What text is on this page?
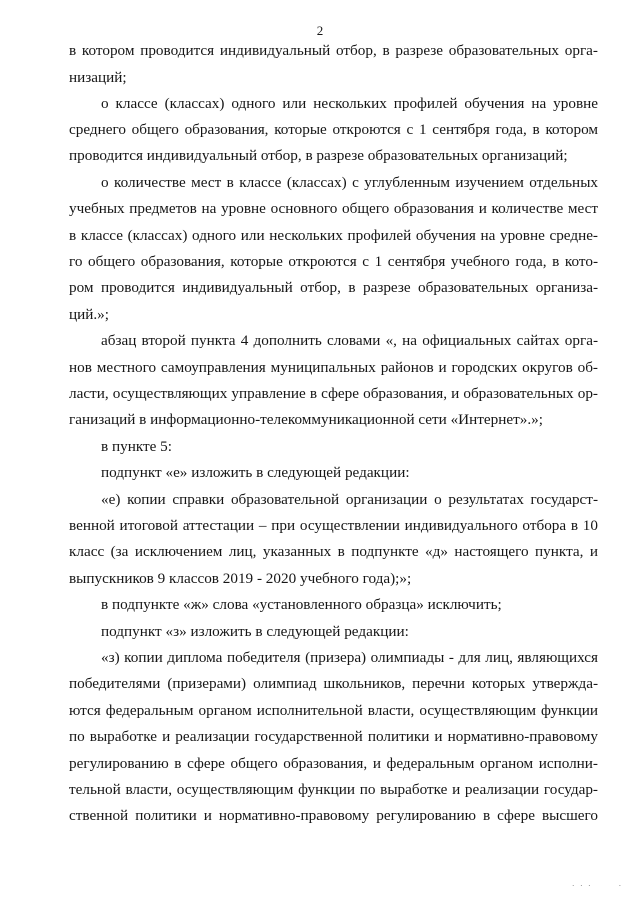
2
в котором проводится индивидуальный отбор, в разрезе образовательных орга-
низаций;
о классе (классах) одного или нескольких профилей обучения на уровне
среднего общего образования, которые откроются с 1 сентября года, в котором
проводится индивидуальный отбор, в разрезе образовательных организаций;
о количестве мест в классе (классах) с углубленным изучением отдельных
учебных предметов на уровне основного общего образования и количестве мест
в классе (классах) одного или нескольких профилей обучения на уровне средне-
го общего образования, которые откроются с 1 сентября учебного года, в кото-
ром проводится индивидуальный отбор, в разрезе образовательных организа-
ций.»;
абзац второй пункта 4 дополнить словами «, на официальных сайтах орга-
нов местного самоуправления муниципальных районов и городских округов об-
ласти, осуществляющих управление в сфере образования, и образовательных ор-
ганизаций в информационно-телекоммуникационной сети «Интернет».»;
в пункте 5:
подпункт «е» изложить в следующей редакции:
«е) копии справки образовательной организации о результатах государст-
венной итоговой аттестации – при осуществлении индивидуального отбора в 10
класс (за исключением лиц, указанных в подпункте «д» настоящего пункта, и
выпускников 9 классов 2019 - 2020 учебного года);»;
в подпункте «ж» слова «установленного образца» исключить;
подпункт «з» изложить в следующей редакции:
«з) копии диплома победителя (призера) олимпиады - для лиц, являющихся
победителями (призерами) олимпиад школьников, перечни которых утвержда-
ются федеральным органом исполнительной власти, осуществляющим функции
по выработке и реализации государственной политики и нормативно-правовому
регулированию в сфере общего образования, и федеральным органом исполни-
тельной власти, осуществляющим функции по выработке и реализации государ-
ственной политики и нормативно-правовому регулированию в сфере высшего
· · ·       ·
